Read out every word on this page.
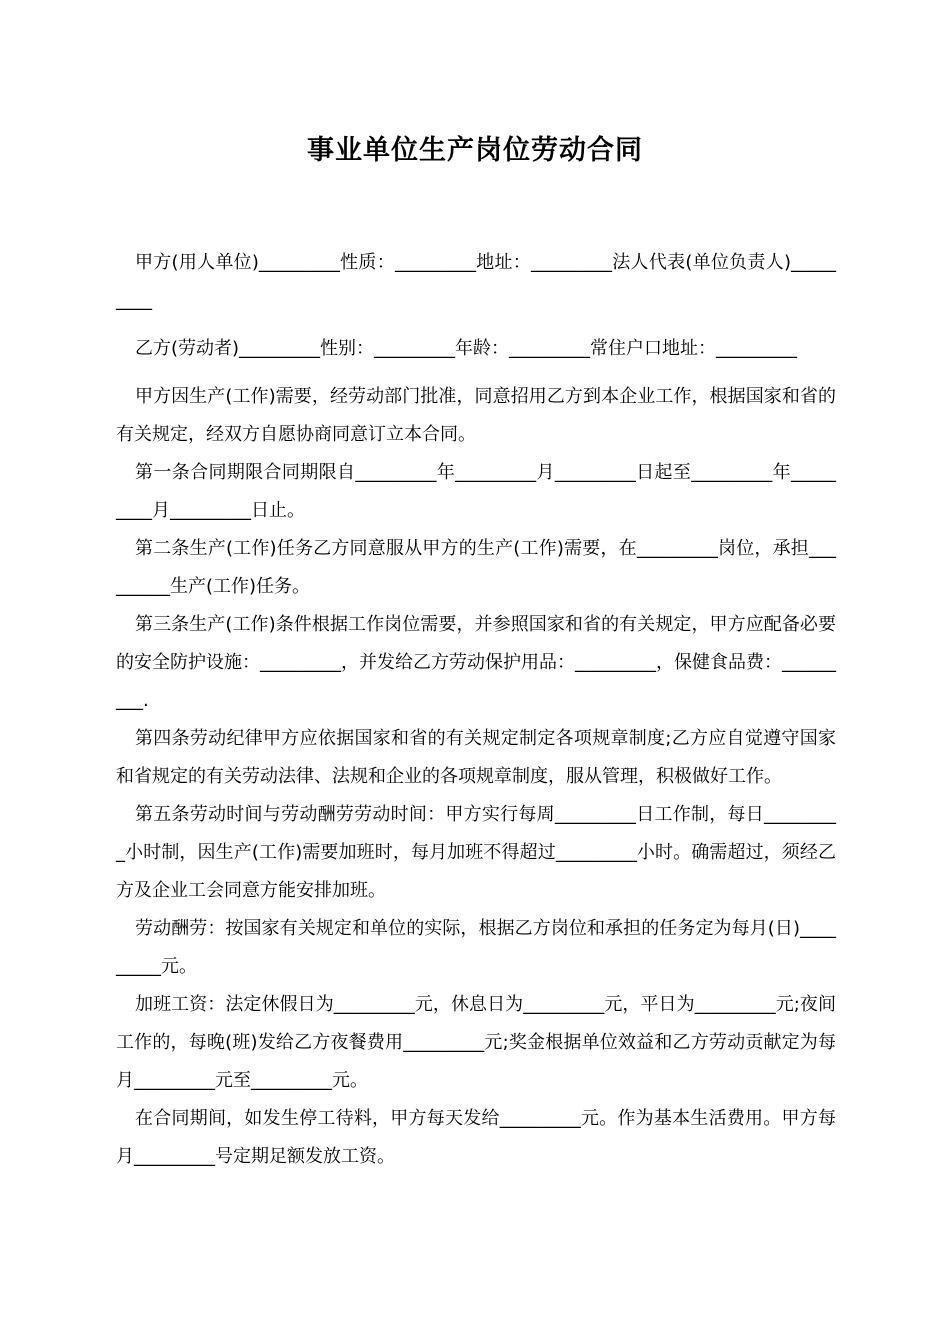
事业单位生产岗位劳动合同

甲方(用人单位)_________性质：_________地址：_________法人代表(单位负责人)_________

乙方(劳动者)_________性别：_________年龄：_________常住户口地址：_________

甲方因生产(工作)需要，经劳动部门批准，同意招用乙方到本企业工作，根据国家和省的有关规定，经双方自愿协商同意订立本合同。

第一条合同期限合同期限自_________年_________月_________日起至_________年_________月_________日止。

第二条生产(工作)任务乙方同意服从甲方的生产(工作)需要，在_________岗位，承担_________生产(工作)任务。

第三条生产(工作)条件根据工作岗位需要，并参照国家和省的有关规定，甲方应配备必要的安全防护设施：_________，并发给乙方劳动保护用品：_________，保健食品费：_________.

第四条劳动纪律甲方应依据国家和省的有关规定制定各项规章制度;乙方应自觉遵守国家和省规定的有关劳动法律、法规和企业的各项规章制度，服从管理，积极做好工作。

第五条劳动时间与劳动酬劳劳动时间：甲方实行每周_________日工作制，每日_________小时制，因生产(工作)需要加班时，每月加班不得超过_________小时。确需超过，须经乙方及企业工会同意方能安排加班。

劳动酬劳：按国家有关规定和单位的实际，根据乙方岗位和承担的任务定为每月(日)_________元。

加班工资：法定休假日为_________元，休息日为_________元，平日为_________元;夜间工作的，每晚(班)发给乙方夜餐费用_________元;奖金根据单位效益和乙方劳动贡献定为每月_________元至_________元。

在合同期间，如发生停工待料，甲方每天发给_________元。作为基本生活费用。甲方每月_________号定期足额发放工资。
